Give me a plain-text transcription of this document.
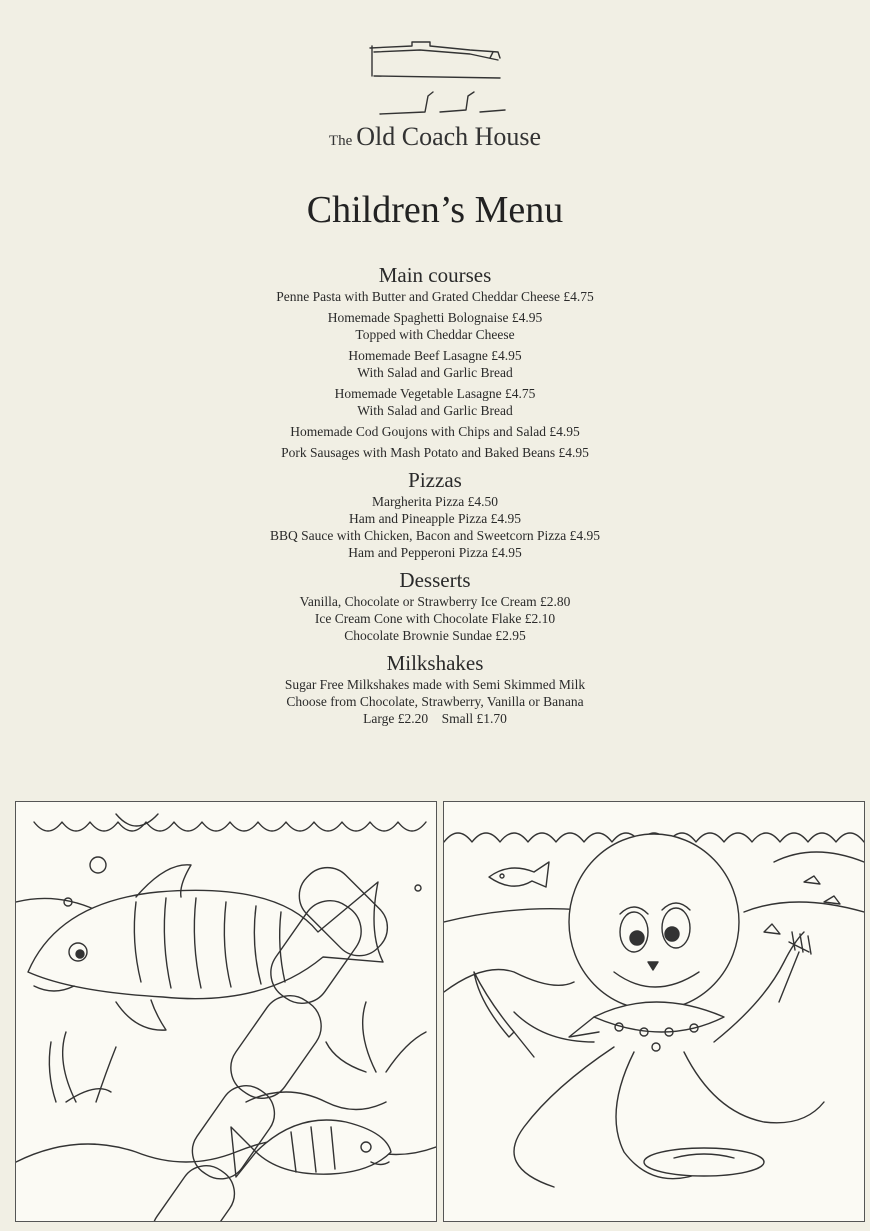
The Old Coach House
Children’s Menu
Main courses
Penne Pasta with Butter and Grated Cheddar Cheese £4.75
Homemade Spaghetti Bolognaise £4.95
Topped with Cheddar Cheese
Homemade Beef Lasagne £4.95
With Salad and Garlic Bread
Homemade Vegetable Lasagne £4.75
With Salad and Garlic Bread
Homemade Cod Goujons with Chips and Salad £4.95
Pork Sausages with Mash Potato and Baked Beans £4.95
Pizzas
Margherita Pizza £4.50
Ham and Pineapple Pizza £4.95
BBQ Sauce with Chicken, Bacon and Sweetcorn Pizza £4.95
Ham and Pepperoni Pizza £4.95
Desserts
Vanilla, Chocolate or Strawberry Ice Cream £2.80
Ice Cream Cone with Chocolate Flake £2.10
Chocolate Brownie Sundae £2.95
Milkshakes
Sugar Free Milkshakes made with Semi Skimmed Milk
Choose from Chocolate, Strawberry, Vanilla or Banana
Large £2.20    Small £1.70
